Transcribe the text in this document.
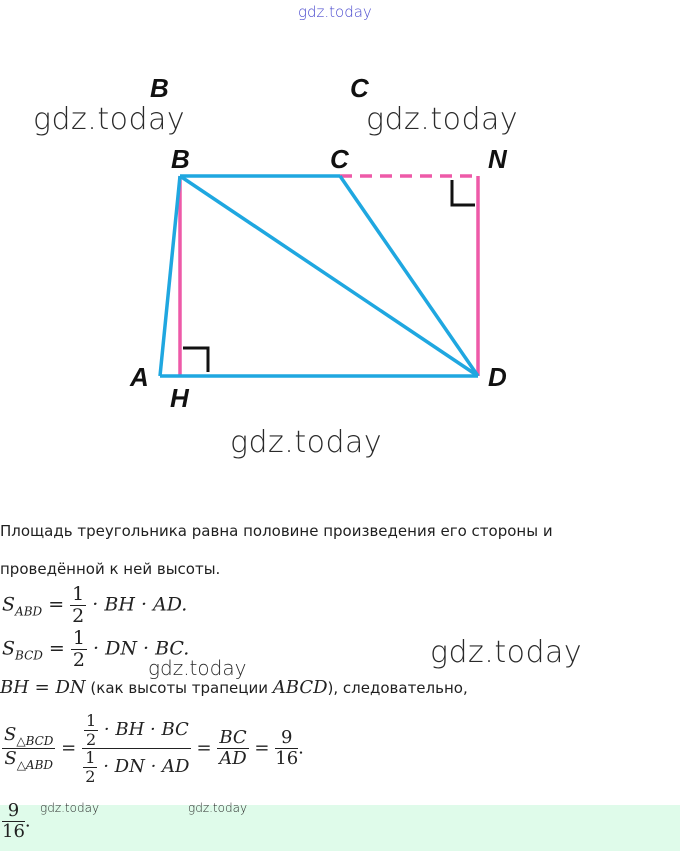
gdz.today
gdz.today	gdz.today
gdz.today
gdz.today
gdz.today
gdz.today	gdz.today
B	C
B	C	N
A
H
D
Площадь треугольника равна половине произведения его стороны и
проведённой к ней высоты.
$S_{ABD} = \frac{1}{2}$ · BH · AD.
$S_{BCD} = \frac{1}{2}$ · DN · BC.
BH = DN (как высоты трапеции ABCD), следовательно,
$\frac{S_{\triangle BCD}}{S_{\triangle ABD}} = \frac{\frac{1}{2} \cdot BH \cdot BC}{\frac{1}{2} \cdot DN \cdot AD} = \frac{BC}{AD} = \frac{9}{16}$ .
$\frac{9}{16}$ .
